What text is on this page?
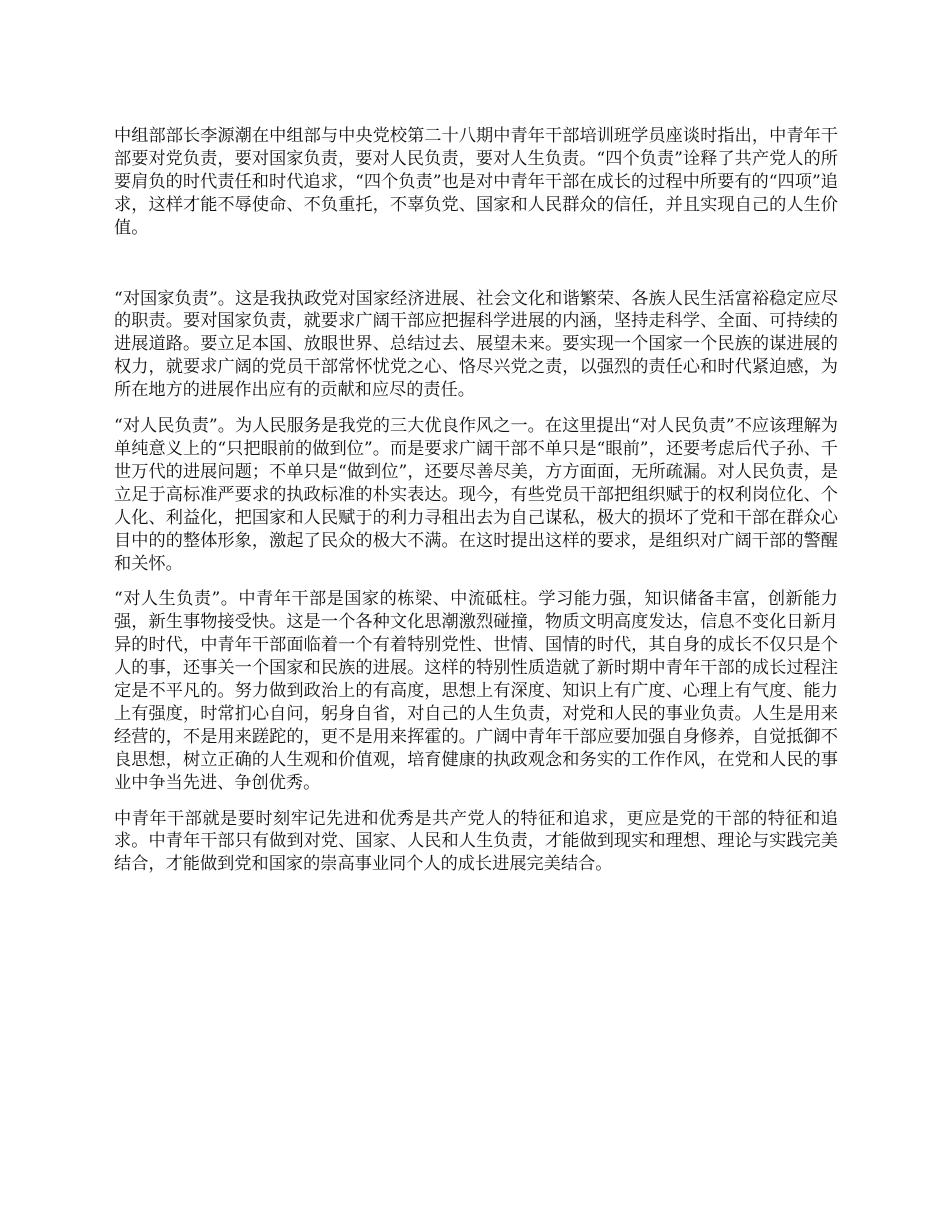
中组部部长李源潮在中组部与中央党校第二十八期中青年干部培训班学员座谈时指出，中青年干部要对党负责，要对国家负责，要对人民负责，要对人生负责。“四个负责”诠释了共产党人的所要肩负的时代责任和时代追求，“四个负责”也是对中青年干部在成长的过程中所要有的“四项”追求，这样才能不辱使命、不负重托，不辜负党、国家和人民群众的信任，并且实现自己的人生价值。

“对国家负责”。这是我执政党对国家经济进展、社会文化和谐繁荣、各族人民生活富裕稳定应尽的职责。要对国家负责，就要求广阔干部应把握科学进展的内涵，坚持走科学、全面、可持续的进展道路。要立足本国、放眼世界、总结过去、展望未来。要实现一个国家一个民族的谋进展的权力，就要求广阔的党员干部常怀忧党之心、恪尽兴党之责，以强烈的责任心和时代紧迫感，为所在地方的进展作出应有的贡献和应尽的责任。

“对人民负责”。为人民服务是我党的三大优良作风之一。在这里提出“对人民负责”不应该理解为单纯意义上的“只把眼前的做到位”。而是要求广阔干部不单只是“眼前”，还要考虑后代子孙、千世万代的进展问题；不单只是“做到位”，还要尽善尽美，方方面面，无所疏漏。对人民负责，是立足于高标准严要求的执政标准的朴实表达。现今，有些党员干部把组织赋于的权利岗位化、个人化、利益化，把国家和人民赋于的利力寻租出去为自己谋私，极大的损坏了党和干部在群众心目中的的整体形象，激起了民众的极大不满。在这时提出这样的要求，是组织对广阔干部的警醒和关怀。

“对人生负责”。中青年干部是国家的栋梁、中流砥柱。学习能力强，知识储备丰富，创新能力强，新生事物接受快。这是一个各种文化思潮激烈碰撞，物质文明高度发达，信息不变化日新月异的时代，中青年干部面临着一个有着特别党性、世情、国情的时代，其自身的成长不仅只是个人的事，还事关一个国家和民族的进展。这样的特别性质造就了新时期中青年干部的成长过程注定是不平凡的。努力做到政治上的有高度，思想上有深度、知识上有广度、心理上有气度、能力上有强度，时常扪心自问，躬身自省，对自己的人生负责，对党和人民的事业负责。人生是用来经营的，不是用来蹉跎的，更不是用来挥霍的。广阔中青年干部应要加强自身修养，自觉抵御不良思想，树立正确的人生观和价值观，培育健康的执政观念和务实的工作作风，在党和人民的事业中争当先进、争创优秀。

中青年干部就是要时刻牢记先进和优秀是共产党人的特征和追求，更应是党的干部的特征和追求。中青年干部只有做到对党、国家、人民和人生负责，才能做到现实和理想、理论与实践完美结合，才能做到党和国家的崇高事业同个人的成长进展完美结合。
